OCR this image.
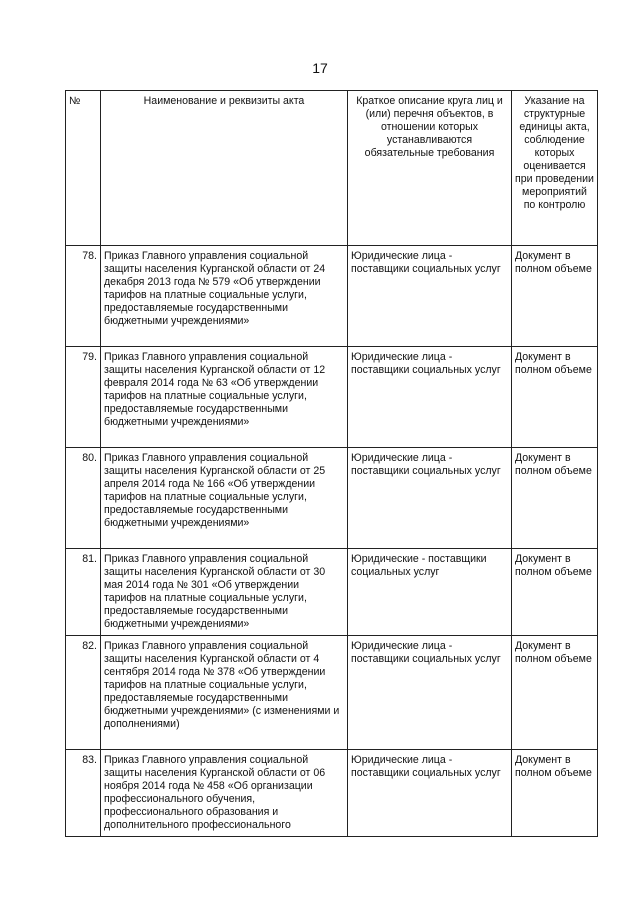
17
№	Наименование и реквизиты акта	Краткое описание круга лиц и (или) перечня объектов, в отношении которых устанавливаются обязательные требования	Указание на структурные единицы акта, соблюдение которых оценивается при проведении мероприятий по контролю
78.	Приказ Главного управления социальной защиты населения Курганской области от 24 декабря 2013 года № 579 «Об утверждении тарифов на платные социальные услуги, предоставляемые государственными бюджетными учреждениями»	Юридические лица - поставщики социальных услуг	Документ в полном объеме
79.	Приказ Главного управления социальной защиты населения Курганской области от 12 февраля 2014 года № 63 «Об утверждении тарифов на платные социальные услуги, предоставляемые государственными бюджетными учреждениями»	Юридические лица - поставщики социальных услуг	Документ в полном объеме
80.	Приказ Главного управления социальной защиты населения Курганской области от 25 апреля 2014 года № 166 «Об утверждении тарифов на платные социальные услуги, предоставляемые государственными бюджетными учреждениями»	Юридические лица - поставщики социальных услуг	Документ в полном объеме
81.	Приказ Главного управления социальной защиты населения Курганской области от 30 мая 2014 года № 301 «Об утверждении тарифов на платные социальные услуги, предоставляемые государственными бюджетными учреждениями»	Юридические - поставщики социальных услуг	Документ в полном объеме
82.	Приказ Главного управления социальной защиты населения Курганской области от 4 сентября 2014 года № 378 «Об утверждении тарифов на платные социальные услуги, предоставляемые государственными бюджетными учреждениями» (с изменениями и дополнениями)	Юридические лица - поставщики социальных услуг	Документ в полном объеме
83.	Приказ Главного управления социальной защиты населения Курганской области от 06 ноября 2014 года № 458 «Об организации профессионального обучения, профессионального образования и дополнительного профессионального	Юридические лица - поставщики социальных услуг	Документ в полном объеме
